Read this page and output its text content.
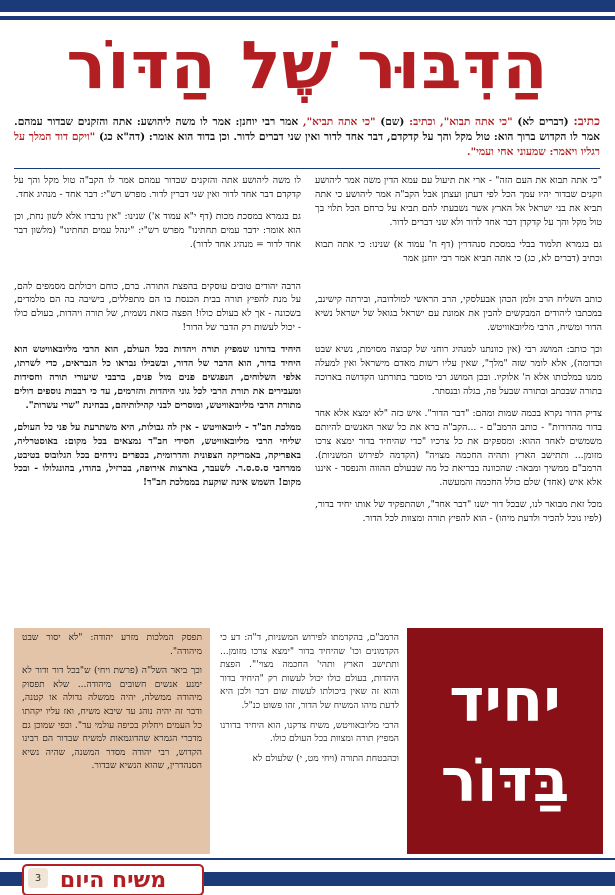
הַדִּבּוּר שֶׁל הַדּוֹר
כתיב: (דברים לא) "כי אתה תבוא", וכתיב: (שם) "כי אתה תביא", אמר רבי יוחנן: אמר לו משה ליהושע: אתה והזקנים שבדור עמהם. אמר לו הקדוש ברוך הוא: טול מקל והך על קדקדם, דבר אחד לדור ואין שני דברים לדור. וכן בדוד הוא אומר: (דה"א כג) "ויקם דוד המלך על רגליו ויאמר: שמעוני אחי ועמי".

"כי אתה תבוא את העם הזה" - ארי את תיעול עם עמא הדין משה אמר ליהושע וזקנים שבדור יהיו עמך הכל לפי דעתן ועצתן אבל הקב"ה אמר ליהושע כי אתה תביא את בני ישראל אל הארץ אשר נשבעתי להם תביא על כרחם הכל תלוי בך טול מקל והך על קדקדן דבר אחד לדור ולא שני דברים לדור.

גם בגמרא תלמוד בבלי במסכת סנהדרין (דף ח' עמוד א) שנינו: כי אתה תבוא וכתיב (דברים לא, כג) כי אתה תביא אמר רבי יוחנן אמר

כותב השליח הרב זלמן הכהן אבעלסקי, הרב הראשי למולדובה, ובירתה קישינב, במכתבו ליהודים המבקשים להבין את אמונת עם ישראל בגואל של ישראל נשיא הדור ומשיח, הרבי מליובאוויטש.

וכך כותב: המושג רבי (אין כוונתנו למנהיג רוחני של קבוצה מסוימת, נשיא שבט וכדומה), אלא לומר שזה "מלך", שאין עליו רשות מאדם מישראל ואין למעלה ממנו במלכותו אלא ה' אלוקיו. ובכן המושג רבי מוסבר בתורתנו הקדושה בארוכה בתורה שבכתב ובתורה שבעל פה, בגלה ובנסתר.

צדיק הדור נקרא בכמה שמות ומהם: "דבר הדור". איש כזה "לא ימצא אלא אחד בדור מהדורות" - כותב הרמב"ם - ...הקב"ה ברא את כל שאר האנשים להיותם משמשים לאחד ההוא: ומספקים את כל צרכיו "כדי שהיחיד בדור ימצא צרכו מזומן... ותתישב הארץ ותהיה החכמה מצויה" (הקדמה לפירוש המשניות). הרמב"ם ממשיך ומבאר: שהכוונה בבריאת כל מה שבעולם ההווה והנפסד - איננו אלא איש (אחד) שלם כולל החכמה והמעשה.

מכל זאת מבואר לנו, שבכל דור ישנו "דבר אחד", ושהתפקיד של אותו יחיד בדור, (לפיו נוכל להכיר ולדעת מיהו) - הוא להפיץ תורה ומצוות לכל הדור.

לו משה ליהושע אתה והזקנים שבדור עמהם אמר לו הקב"ה טול מקל והך על קדקדם דבר אחד לדור ואין שני דברין לדור. מפרש רש"י: דבר אחד - מנהיג אחד.

גם בגמרא במסכת מכות (דף י"א עמוד א') שנינו: "אין נדברו אלא לשון נחת, וכן הוא אומר: ידבר עמים תחתינו" מפרש רש"י: "ינהל עמים תחתינו" (מלשון דבר אחד לדור = מנהיג אחד לדור).

הרבה יהודים טובים עוסקים בהפצת התורה. ברם, כוחם ויכולתם מסמפים להם, על מנת להפיץ תורה בבית הכנסת בו הם מתפללים, בישיבה בה הם מלמדים, בשכונה - אך לא בעולם כולו! הפצה כזאת נשמית, של תורה ויהדות, בעולם כולו - יכול לעשות רק הדבר של הדור!

היחיד בדורנו שמפיץ תורה ויהדות בכל העולם, הוא הרבי מליובאוויטש הוא היחיד בדור, הוא הדבר של הדור, ובשבילו נבראו כל הנבראים, כדי לשרתו, אלפי השלוחים, הנפגשים פנים מול פנים, ברבבי שיעורי תורה וחסידות ומעבירים את תורת הרבי לכל גוני היהדות והזרמים, עד כי רבבות נוספים דולים מתורת הרבי מליובאוויטש, ומוסרים לבני קהילותיהם, בבחינת "שרי עשרות".

ממלכת חב"ד - ליובאוויטש - אין לה גבולות, היא משתרעת על פני כל העולם, שליחי הרבי מליובאוויטש, חסידי חב"ד נמצאים בכל מקום: באוסטרליה, באפריקה, באמריקה הצפונית והדרומית, בכפרים נידחים בכל הגלובוס בטיבט, ממרחבי ס.ס.ס.ר. לשעבר, בארצות אירופה, בברזיל, בהודו, בהונגלולו - ובכל מקום! השמש אינה שוקעת בממלכת חב"ד!

יחיד
בַּדּוֹר

הרמב"ם, בהקדמתו לפירוש המשניות, ד"ה: דע כי הקדמונים וכו' שהיחיד בדור "ימצא צרכו מזומן... ותתישב הארץ ותהי' החכמה מצוי'". הפצת היהדות, בעולם כולו יכול לעשות רק "היחיד בדור והוא זה שאין ביכולתו לעשות שום דבר ולכן היא לדעת מיהו המשיח של הדור, זהו פשוט כנ"ל.

הרבי מליובאוויטש, משיח צדקנו, הוא היחיד בדורנו המפיץ תורה ומצוות בכל העולם כולו.

וכהבטחת התורה (ויחי מט, י) שלעולם לא

תפסק המלכות מזרע יהודה: "לא יסור שבט מיהודה".

וכך ביאר השל"ה (פרשת ויחי) ש"בכל דור ודור לא ימנע אנשים חשובים מיהודה... שלא תפסוק מיהודה ממשלה, יהיה ממשלה גדולה או קטנה, ודבר זה יהיה נוהג עד שיבא משיח, ואז עליו יקהתו כל העמים ויחלוק בכיפה עולמי עד". וכפי שמוכן גם מדברי הגמרא שהדוגמאות למשיח שבדור הם רבינו הקדוש, רבי יהודה מסדר המשנה, שהיה נשיא הסנהדרין, שהוא הנשיא שבדור.

משיח היום
3
